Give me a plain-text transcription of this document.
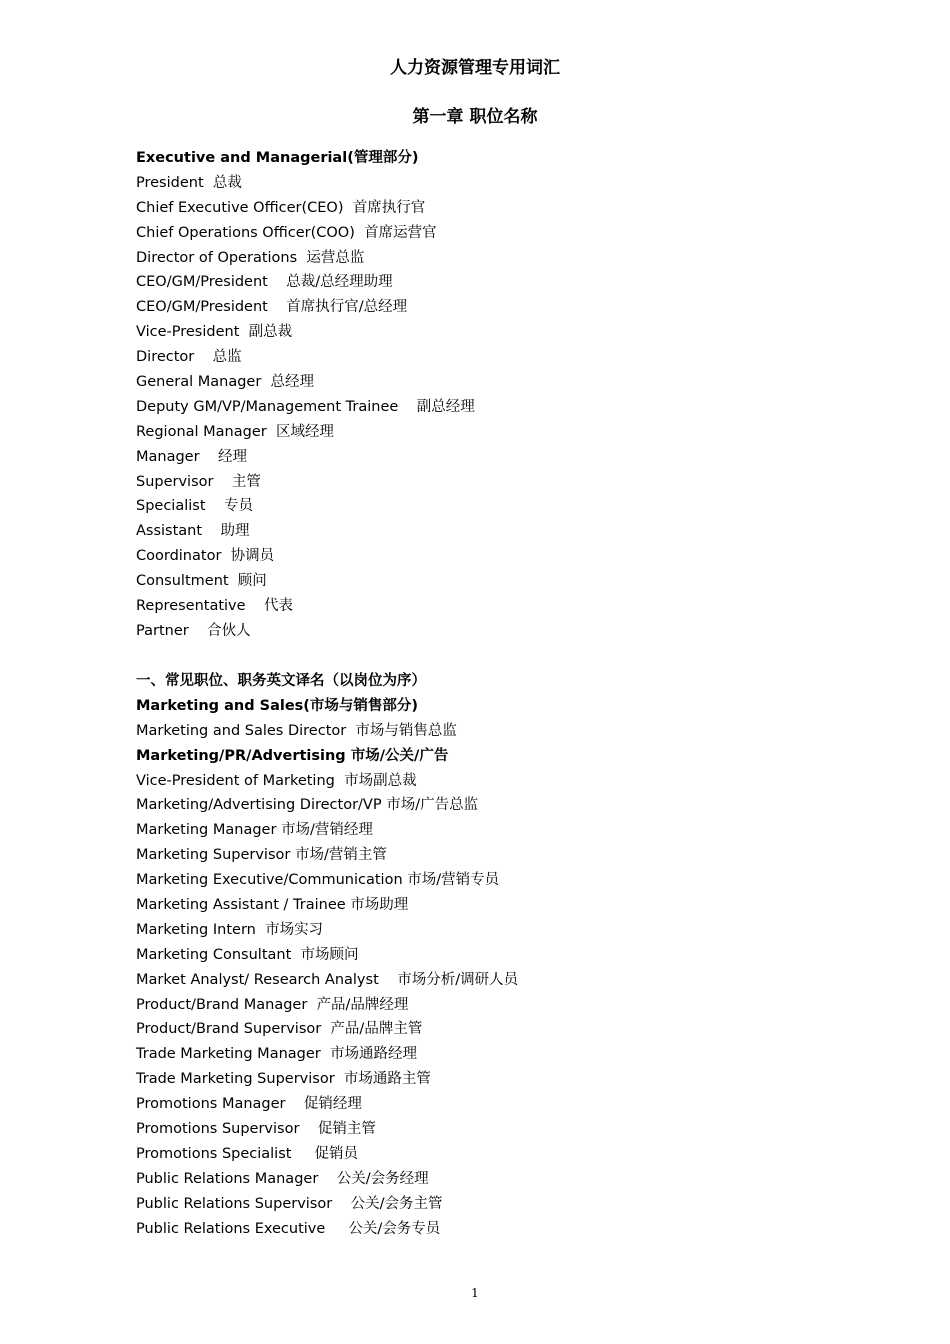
人力资源管理专用词汇
第一章 职位名称
Executive and Managerial(管理部分)
President  总裁
Chief Executive Officer(CEO)  首席执行官
Chief Operations Officer(COO)  首席运营官
Director of Operations  运营总监
CEO/GM/President    总裁/总经理助理
CEO/GM/President    首席执行官/总经理
Vice-President  副总裁
Director    总监
General Manager  总经理
Deputy GM/VP/Management Trainee    副总经理
Regional Manager  区域经理
Manager    经理
Supervisor    主管
Specialist    专员
Assistant    助理
Coordinator  协调员
Consultment  顾问
Representative    代表
Partner    合伙人
一、常见职位、职务英文译名（以岗位为序）
Marketing and Sales(市场与销售部分)
Marketing and Sales Director  市场与销售总监
Marketing/PR/Advertising 市场/公关/广告
Vice-President of Marketing  市场副总裁
Marketing/Advertising Director/VP 市场/广告总监
Marketing Manager 市场/营销经理
Marketing Supervisor 市场/营销主管
Marketing Executive/Communication 市场/营销专员
Marketing Assistant / Trainee 市场助理
Marketing Intern  市场实习
Marketing Consultant  市场顾问
Market Analyst/ Research Analyst    市场分析/调研人员
Product/Brand Manager  产品/品牌经理
Product/Brand Supervisor  产品/品牌主管
Trade Marketing Manager  市场通路经理
Trade Marketing Supervisor  市场通路主管
Promotions Manager    促销经理
Promotions Supervisor    促销主管
Promotions Specialist     促销员
Public Relations Manager    公关/会务经理
Public Relations Supervisor    公关/会务主管
Public Relations Executive     公关/会务专员
1
